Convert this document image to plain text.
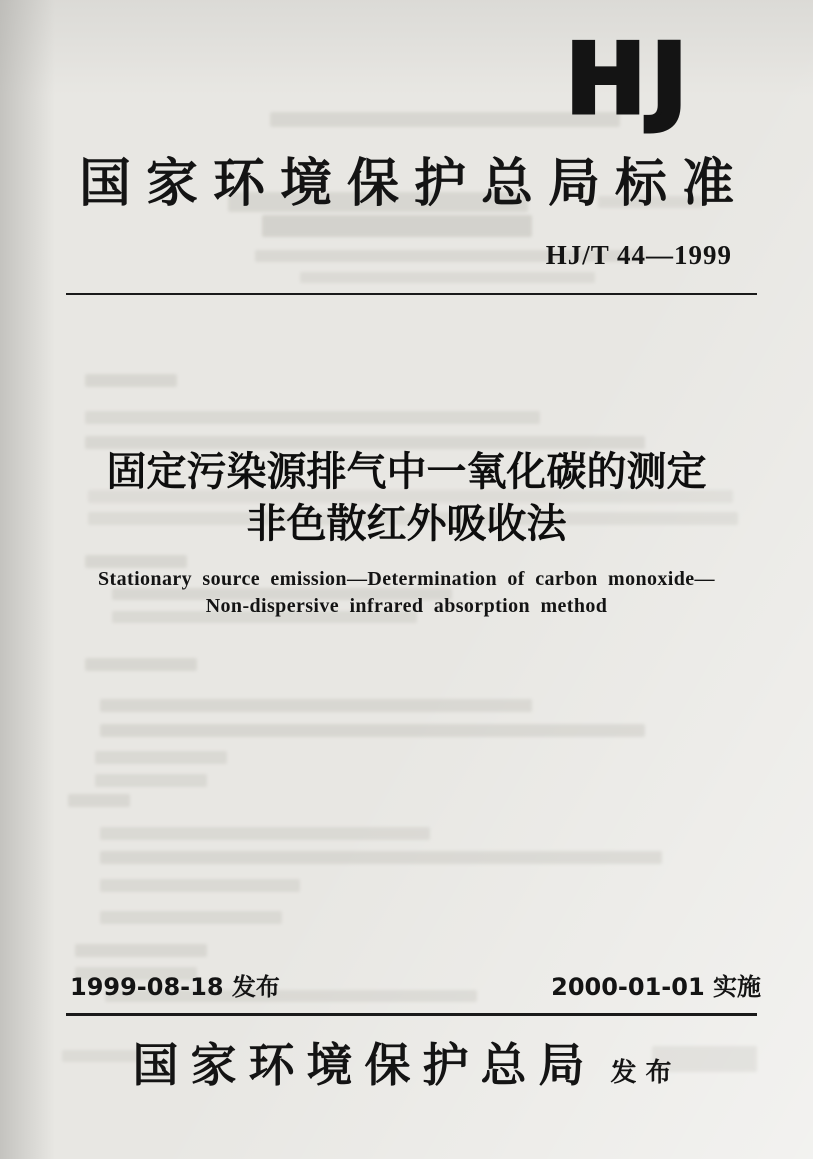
HJ
国家环境保护总局标准
HJ/T 44—1999
固定污染源排气中一氧化碳的测定
非色散红外吸收法
Stationary source emission—Determination of carbon monoxide—
Non-dispersive infrared absorption method
1999-08-18 发布	2000-01-01 实施
国家环境保护总局 发布
